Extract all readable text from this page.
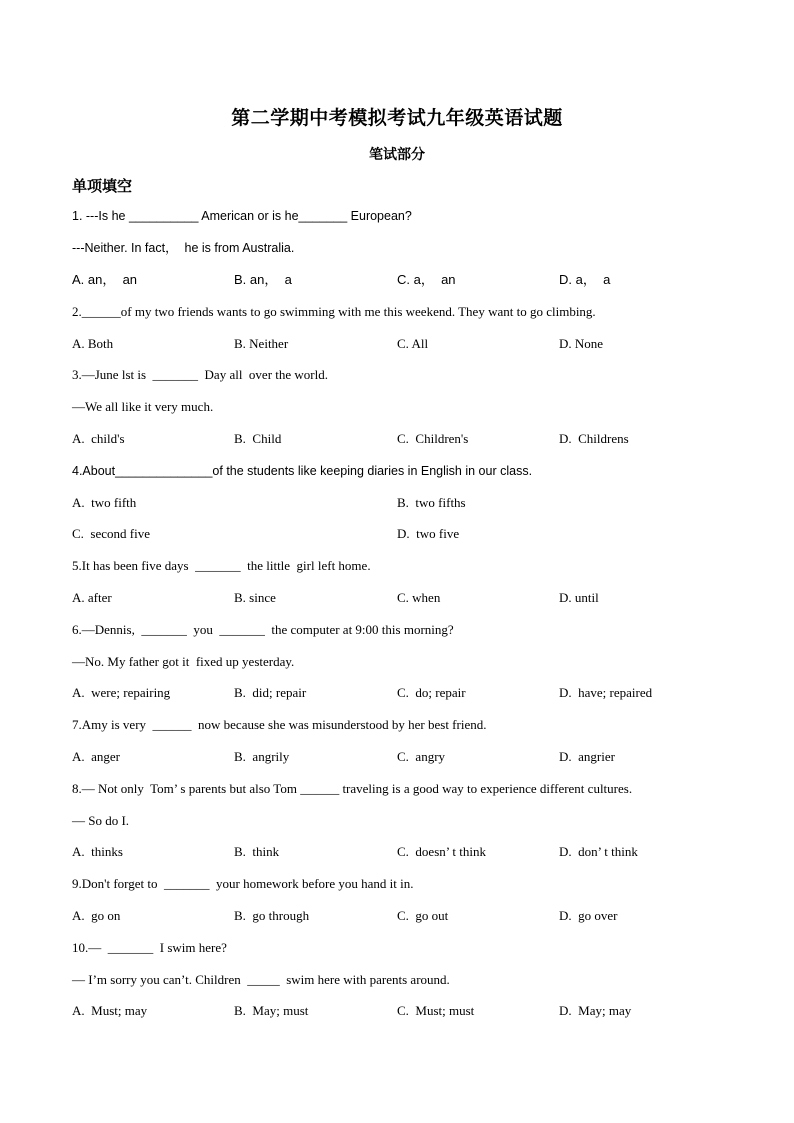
第二学期中考模拟考试九年级英语试题
笔试部分
单项填空
1. ---Is he __________ American or is he_______ European?
---Neither. In fact，  he is from Australia.
A. an，  an	B. an，  a	C. a，  an	D. a，  a
2.______of my two friends wants to go swimming with me this weekend. They want to go climbing.
A. Both	B. Neither	C. All	D. None
3.—June lst is  _______  Day all  over the world.
—We all like it very much.
A.  child's	B.  Child	C.  Children's	D.  Childrens
4.About______________of the students like keeping diaries in English in our class.
A.  two fifth	B.  two fifths
C.  second five	D.  two five
5.It has been five days  _______  the little  girl left home.
A. after	B. since	C. when	D. until
6.—Dennis,  _______  you  _______  the computer at 9:00 this morning?
—No. My father got it  fixed up yesterday.
A.  were; repairing	B.  did; repair	C.  do; repair	D.  have; repaired
7.Amy is very  ______  now because she was misunderstood by her best friend.
A.  anger	B.  angrily	C.  angry	D.  angrier
8.— Not only  Tom’ s parents but also Tom ______ traveling is a good way to experience different cultures.
— So do I.
A.  thinks	B.  think	C.  doesn’ t think	D.  don’ t think
9.Don't forget to  _______  your homework before you hand it in.
A.  go on	B.  go through	C.  go out	D.  go over
10.—  _______  I swim here?
— I’m sorry you can’t. Children  _____  swim here with parents around.
A.  Must; may	B.  May; must	C.  Must; must	D.  May; may
